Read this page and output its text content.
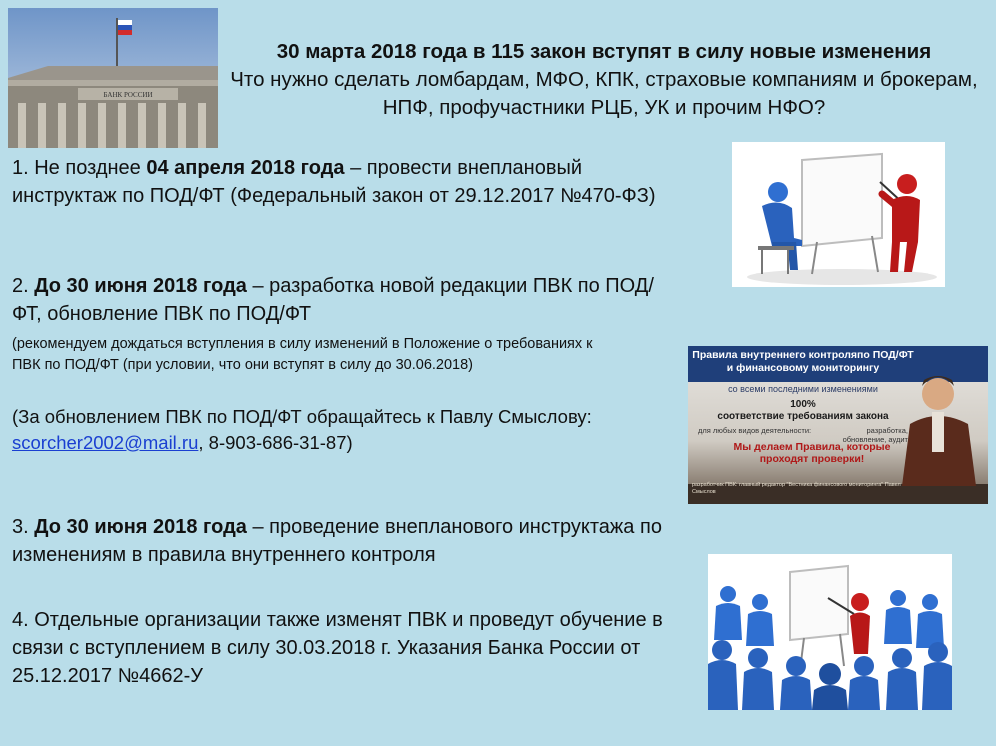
БАНК РОССИИ
30 марта 2018 года в 115 закон вступят в силу новые изменения
Что нужно сделать ломбардам, МФО, КПК, страховые компаниям и брокерам, НПФ, профучастники РЦБ, УК и прочим НФО?
1. Не позднее 04 апреля 2018 года – провести внеплановый инструктаж по ПОД/ФТ (Федеральный закон от 29.12.2017 №470-ФЗ)
2. До 30 июня 2018 года – разработка новой редакции ПВК по ПОД/ФТ, обновление ПВК по ПОД/ФТ
(рекомендуем дождаться вступления в силу изменений в Положение о требованиях к ПВК по ПОД/ФТ (при условии, что они вступят в силу до 30.06.2018)
(За обновлением ПВК по ПОД/ФТ обращайтесь к Павлу Смыслову:
scorcher2002@mail.ru, 8-903-686-31-87)
3. До 30 июня 2018 года – проведение внепланового инструктажа по изменениям в правила внутреннего контроля
4. Отдельные организации также изменят ПВК и проведут обучение в связи с вступлением в силу 30.03.2018 г. Указания Банка России от 25.12.2017 №4662-У
Правила внутреннего контроляпо ПОД/ФТ и финансовому мониторингу
со всеми последними изменениями
100%
соответствие требованиям закона
для любых видов деятельности:	разработка, обновление, аудит
Мы делаем Правила, которые проходят проверки!
разработчик ПВК: главный редактор "Вестника финансового мониторинга" Павел Смыслов
